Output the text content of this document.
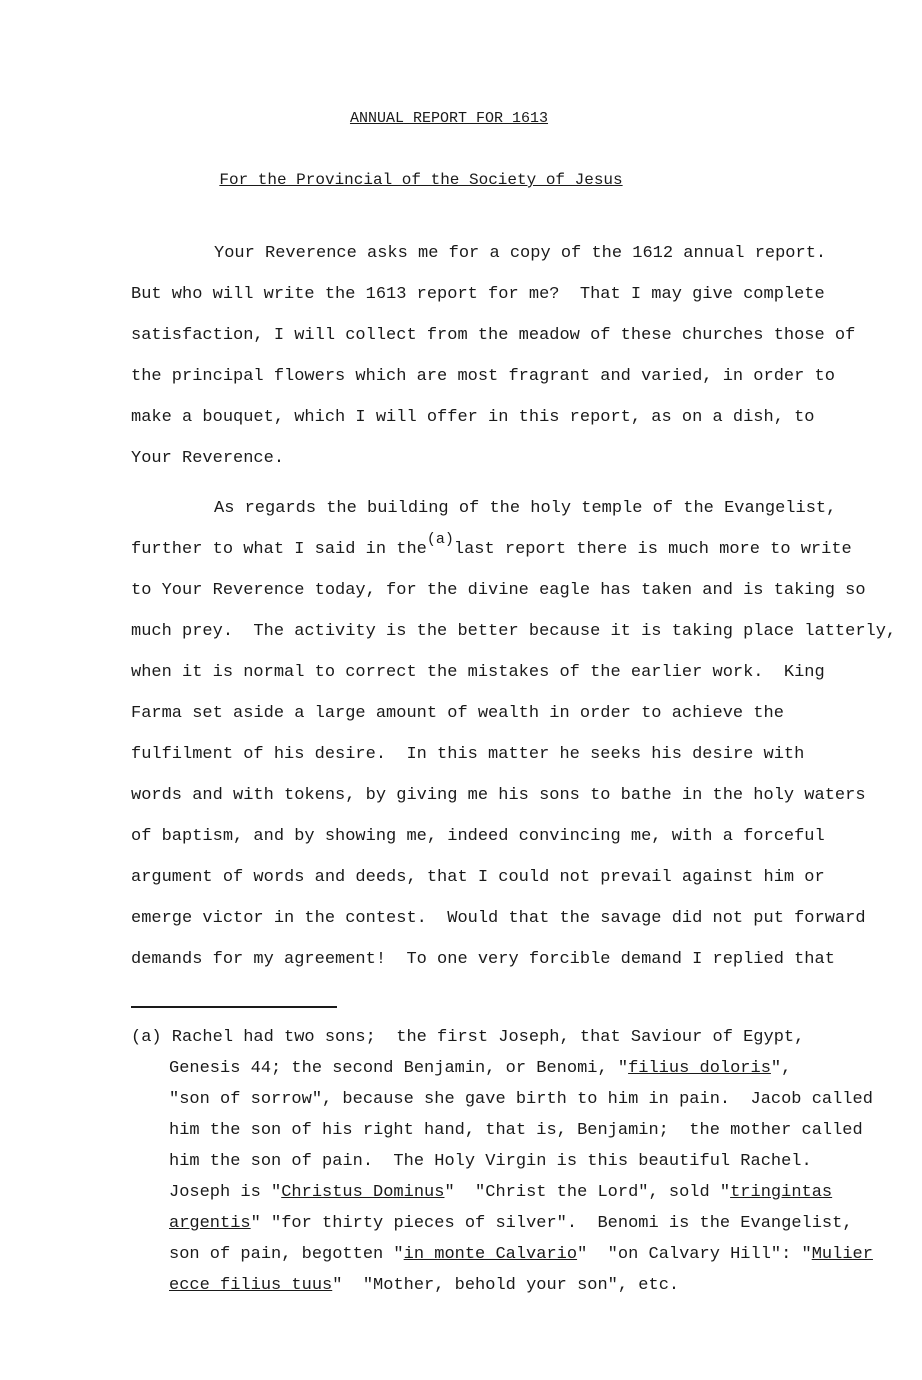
ANNUAL REPORT FOR 1613
For the Provincial of the Society of Jesus
Your Reverence asks me for a copy of the 1612 annual report.
But who will write the 1613 report for me?  That I may give complete
satisfaction, I will collect from the meadow of these churches those of
the principal flowers which are most fragrant and varied, in order to
make a bouquet, which I will offer in this report, as on a dish, to
Your Reverence.
As regards the building of the holy temple of the Evangelist,
further to what I said in the$^{(a)}$last report there is much more to write
to Your Reverence today, for the divine eagle has taken and is taking so
much prey.  The activity is the better because it is taking place latterly,
when it is normal to correct the mistakes of the earlier work.  King
Farma set aside a large amount of wealth in order to achieve the
fulfilment of his desire.  In this matter he seeks his desire with
words and with tokens, by giving me his sons to bathe in the holy waters
of baptism, and by showing me, indeed convincing me, with a forceful
argument of words and deeds, that I could not prevail against him or
emerge victor in the contest.  Would that the savage did not put forward
demands for my agreement!  To one very forcible demand I replied that
(a) Rachel had two sons;  the first Joseph, that Saviour of Egypt,
Genesis 44; the second Benjamin, or Benomi, "filius doloris",
"son of sorrow", because she gave birth to him in pain.  Jacob called
him the son of his right hand, that is, Benjamin;  the mother called
him the son of pain.  The Holy Virgin is this beautiful Rachel.
Joseph is "Christus Dominus"  "Christ the Lord", sold "tringintas
argentis" "for thirty pieces of silver".  Benomi is the Evangelist,
son of pain, begotten "in monte Calvario"  "on Calvary Hill": "Mulier
ecce filius tuus"  "Mother, behold your son", etc.
